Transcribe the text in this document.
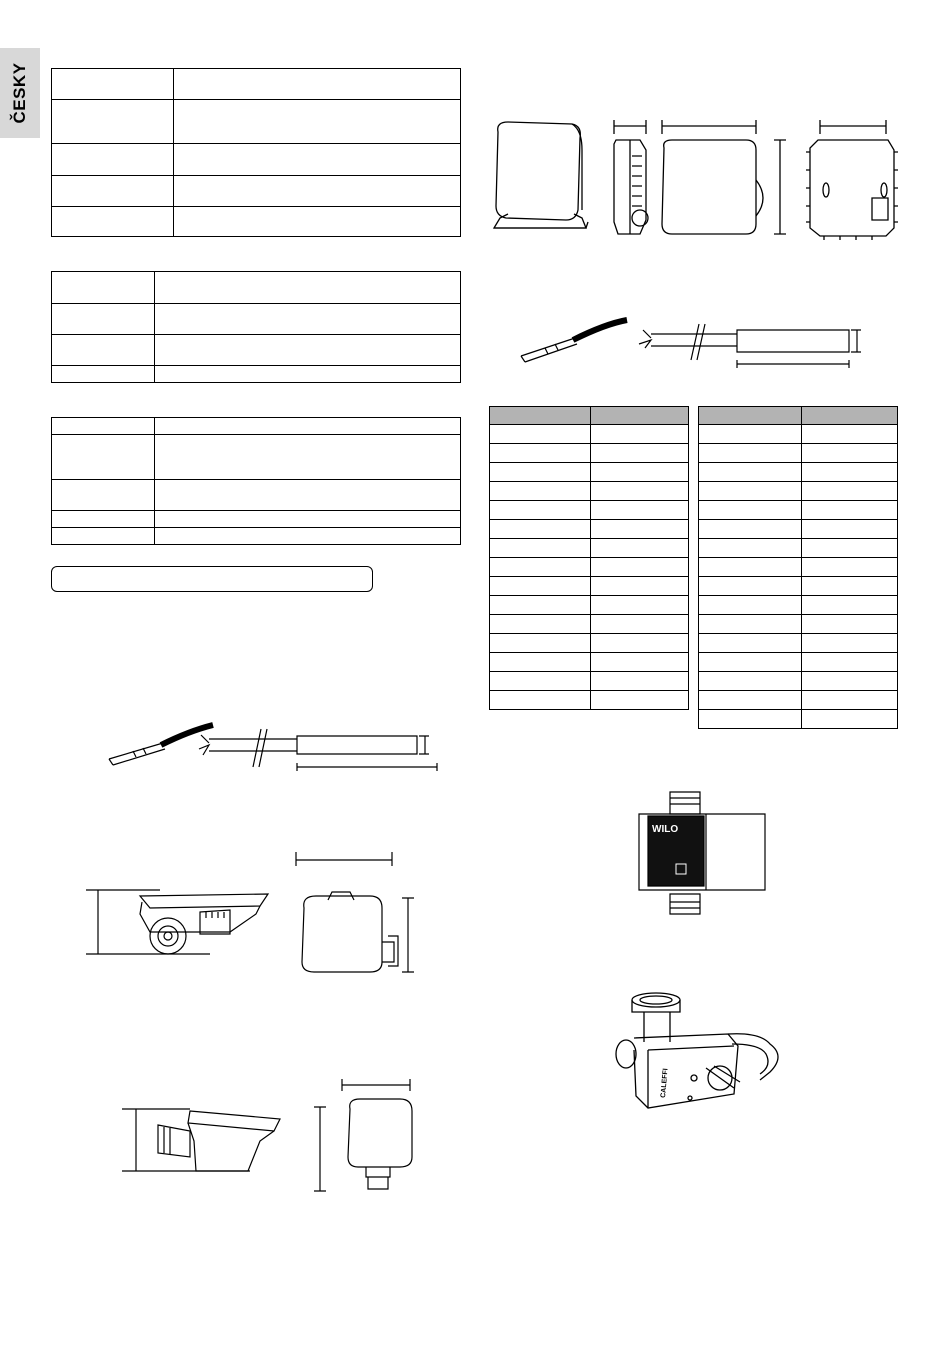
ČESKY

WILO
CALEFFI
